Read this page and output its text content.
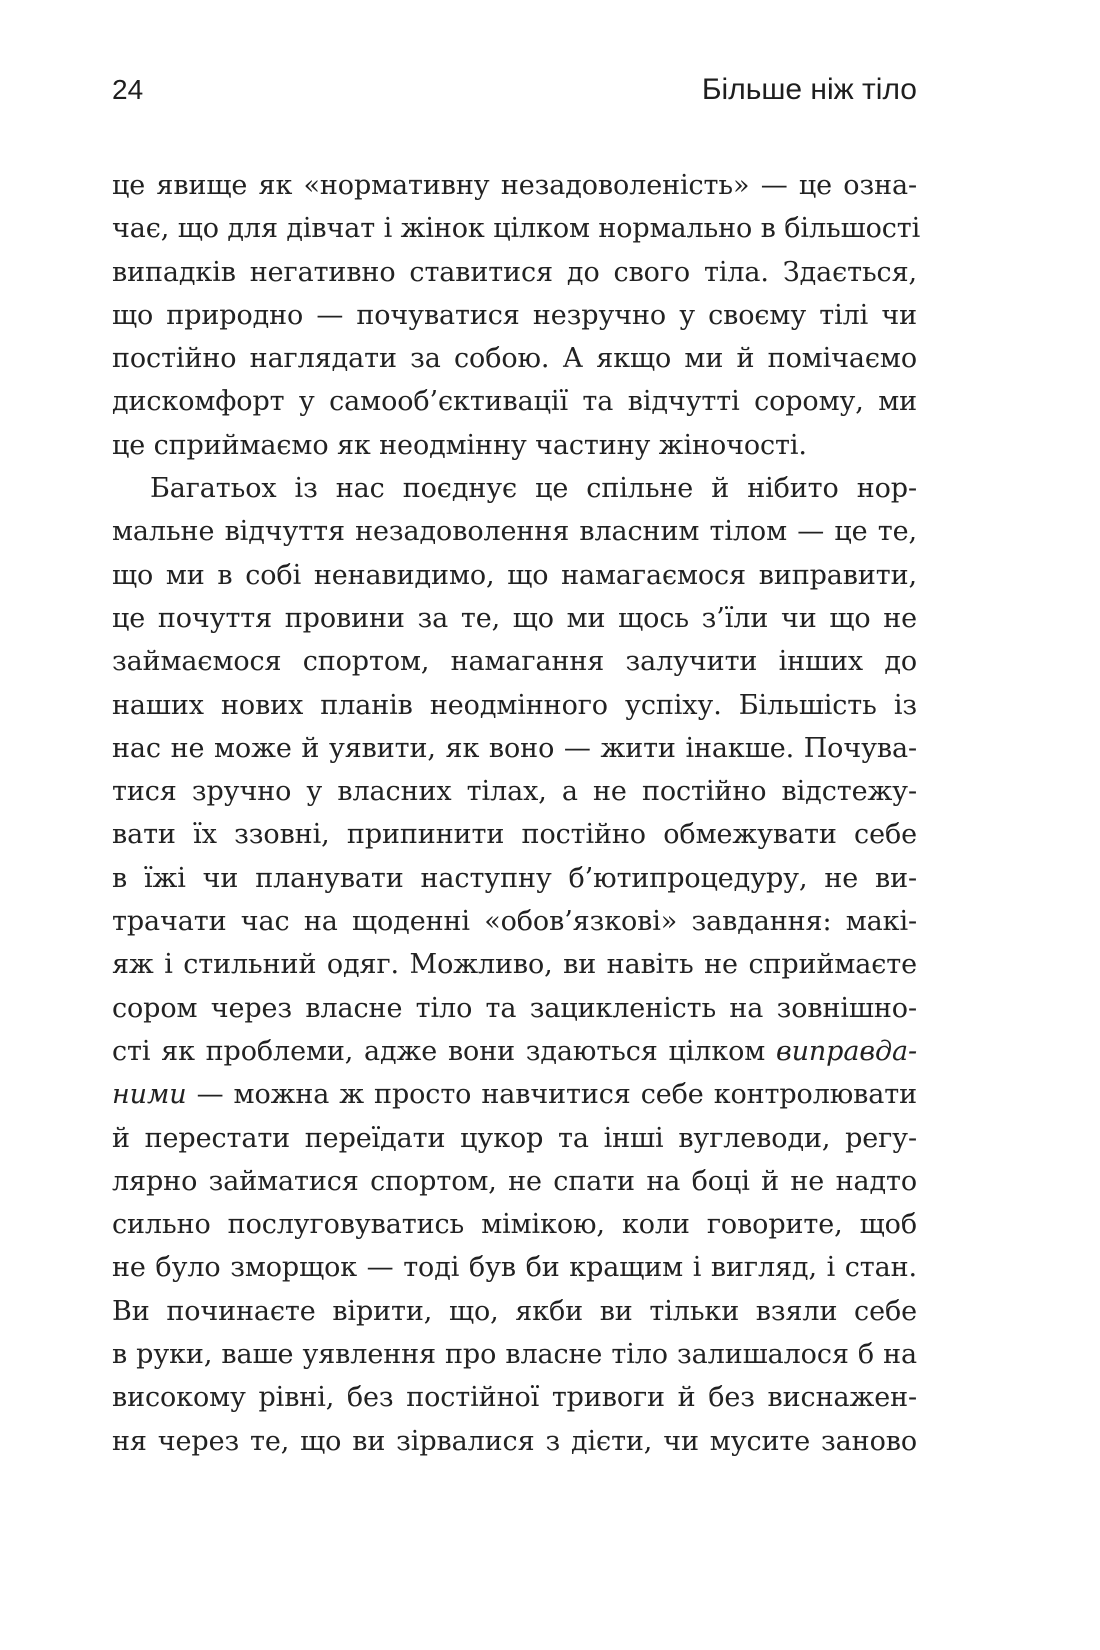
24	Більше ніж тіло
це явище як «нормативну незадоволеність» — це озна-
чає, що для дівчат і жінок цілком нормально в більшості
випадків негативно ставитися до свого тіла. Здається,
що природно — почуватися незручно у своєму тілі чи
постійно наглядати за собою. А якщо ми й помічаємо
дискомфорт у самооб’єктивації та відчутті сорому, ми
це сприймаємо як неодмінну частину жіночості.
Багатьох із нас поєднує це спільне й нібито нор-
мальне відчуття незадоволення власним тілом — це те,
що ми в собі ненавидимо, що намагаємося виправити,
це почуття провини за те, що ми щось з’їли чи що не
займаємося спортом, намагання залучити інших до
наших нових планів неодмінного успіху. Більшість із
нас не може й уявити, як воно — жити інакше. Почува-
тися зручно у власних тілах, а не постійно відстежу-
вати їх ззовні, припинити постійно обмежувати себе
в їжі чи планувати наступну б’ютипроцедуру, не ви-
трачати час на щоденні «обов’язкові» завдання: макі-
яж і стильний одяг. Можливо, ви навіть не сприймаєте
сором через власне тіло та зацикленість на зовнішно-
сті як проблеми, адже вони здаються цілком виправда-
ними — можна ж просто навчитися себе контролювати
й перестати переїдати цукор та інші вуглеводи, регу-
лярно займатися спортом, не спати на боці й не надто
сильно послуговуватись мімікою, коли говорите, щоб
не було зморщок — тоді був би кращим і вигляд, і стан.
Ви починаєте вірити, що, якби ви тільки взяли себе
в руки, ваше уявлення про власне тіло залишалося б на
високому рівні, без постійної тривоги й без виснажен-
ня через те, що ви зірвалися з дієти, чи мусите заново
